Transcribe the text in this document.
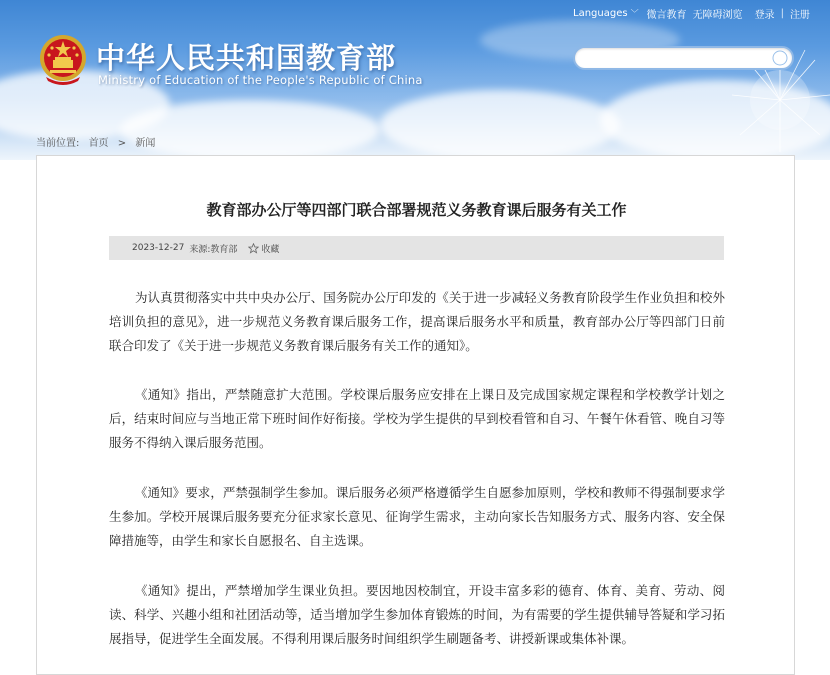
Languages ﹀ 微言教育 无障碍浏览 登录 | 注册
中华人民共和国教育部
Ministry of Education of the People's Republic of China
当前位置: 首页 > 新闻
教育部办公厅等四部门联合部署规范义务教育课后服务有关工作
2023-12-27 来源:教育部	收藏

为认真贯彻落实中共中央办公厅、国务院办公厅印发的《关于进一步减轻义务教育阶段学生作业负担和校外培训负担的意见》，进一步规范义务教育课后服务工作，提高课后服务水平和质量，教育部办公厅等四部门日前联合印发了《关于进一步规范义务教育课后服务有关工作的通知》。

《通知》指出，严禁随意扩大范围。学校课后服务应安排在上课日及完成国家规定课程和学校教学计划之后，结束时间应与当地正常下班时间作好衔接。学校为学生提供的早到校看管和自习、午餐午休看管、晚自习等服务不得纳入课后服务范围。

《通知》要求，严禁强制学生参加。课后服务必须严格遵循学生自愿参加原则，学校和教师不得强制要求学生参加。学校开展课后服务要充分征求家长意见、征询学生需求，主动向家长告知服务方式、服务内容、安全保障措施等，由学生和家长自愿报名、自主选课。

《通知》提出，严禁增加学生课业负担。要因地因校制宜，开设丰富多彩的德育、体育、美育、劳动、阅读、科学、兴趣小组和社团活动等，适当增加学生参加体育锻炼的时间，为有需要的学生提供辅导答疑和学习拓展指导，促进学生全面发展。不得利用课后服务时间组织学生刷题备考、讲授新课或集体补课。
